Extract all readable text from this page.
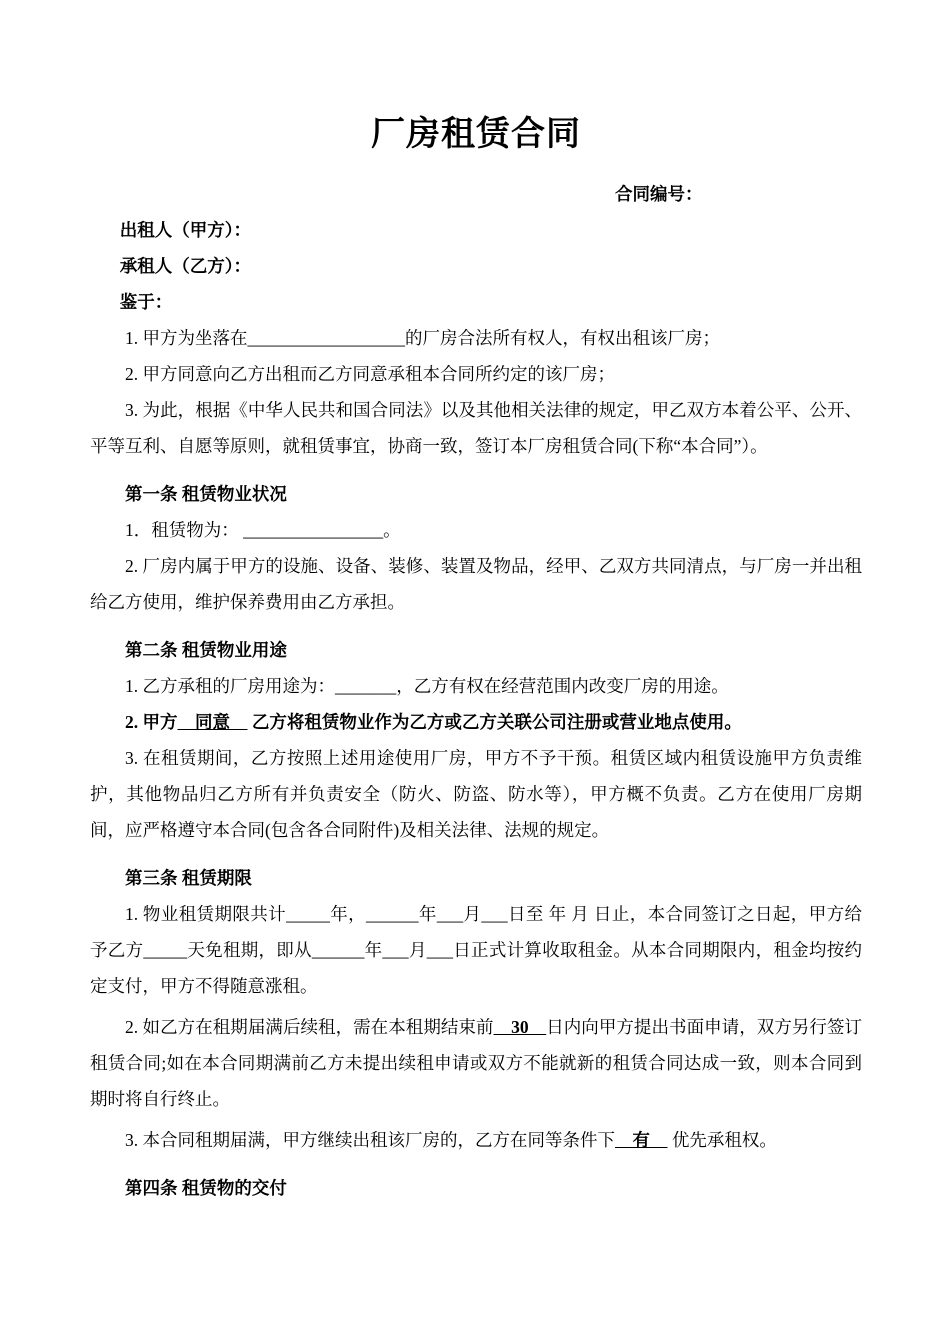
厂房租赁合同

合同编号：

出租人（甲方）：

承租人（乙方）：

鉴于：

1. 甲方为坐落在__________________的厂房合法所有权人，有权出租该厂房；

2. 甲方同意向乙方出租而乙方同意承租本合同所约定的该厂房；

3. 为此，根据《中华人民共和国合同法》以及其他相关法律的规定，甲乙双方本着公平、公开、平等互利、自愿等原则，就租赁事宜，协商一致，签订本厂房租赁合同(下称“本合同”）。

第一条 租赁物业状况

1．租赁物为： ________________。

2. 厂房内属于甲方的设施、设备、装修、装置及物品，经甲、乙双方共同清点，与厂房一并出租给乙方使用，维护保养费用由乙方承担。

第二条 租赁物业用途

1. 乙方承租的厂房用途为：_______，乙方有权在经营范围内改变厂房的用途。

2. 甲方　同意　 乙方将租赁物业作为乙方或乙方关联公司注册或营业地点使用。

3. 在租赁期间，乙方按照上述用途使用厂房，甲方不予干预。租赁区域内租赁设施甲方负责维护，其他物品归乙方所有并负责安全（防火、防盗、防水等），甲方概不负责。乙方在使用厂房期间，应严格遵守本合同(包含各合同附件)及相关法律、法规的规定。

第三条 租赁期限

1. 物业租赁期限共计_____年，______年___月___日至 年 月 日止，本合同签订之日起，甲方给予乙方_____天免租期，即从______年___月___日正式计算收取租金。从本合同期限内，租金均按约定支付，甲方不得随意涨租。

2. 如乙方在租期届满后续租，需在本租期结束前　30　日内向甲方提出书面申请，双方另行签订租赁合同;如在本合同期满前乙方未提出续租申请或双方不能就新的租赁合同达成一致，则本合同到期时将自行终止。

3. 本合同租期届满，甲方继续出租该厂房的，乙方在同等条件下　有　 优先承租权。

第四条 租赁物的交付
